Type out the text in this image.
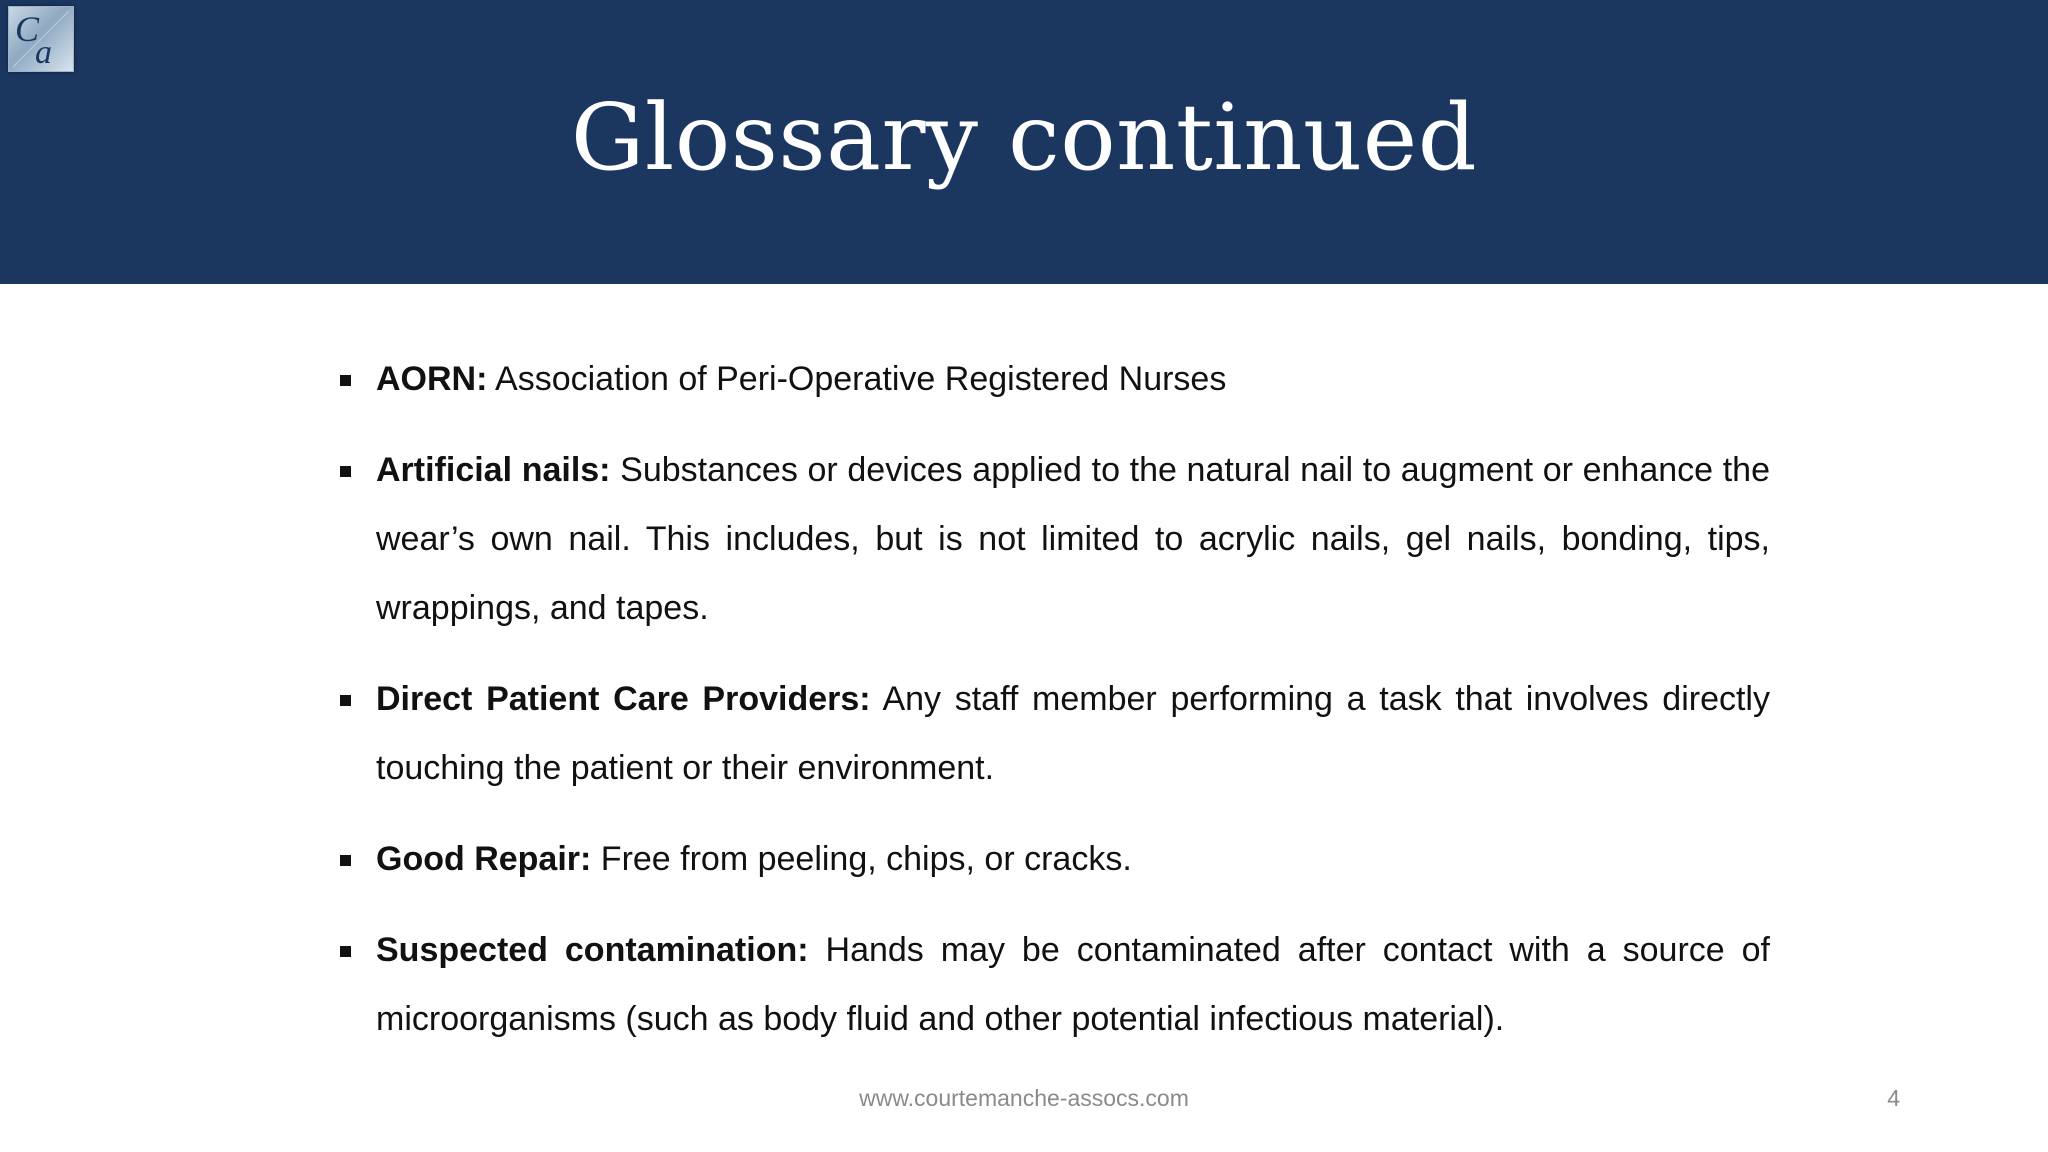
C
a
Glossary continued
AORN: Association of Peri-Operative Registered Nurses
Artificial nails: Substances or devices applied to the natural nail to augment or enhance the wear’s own nail. This includes, but is not limited to acrylic nails, gel nails, bonding, tips, wrappings, and tapes.
Direct Patient Care Providers: Any staff member performing a task that involves directly touching the patient or their environment.
Good Repair: Free from peeling, chips, or cracks.
Suspected contamination: Hands may be contaminated after contact with a source of microorganisms (such as body fluid and other potential infectious material).
www.courtemanche-assocs.com	4
